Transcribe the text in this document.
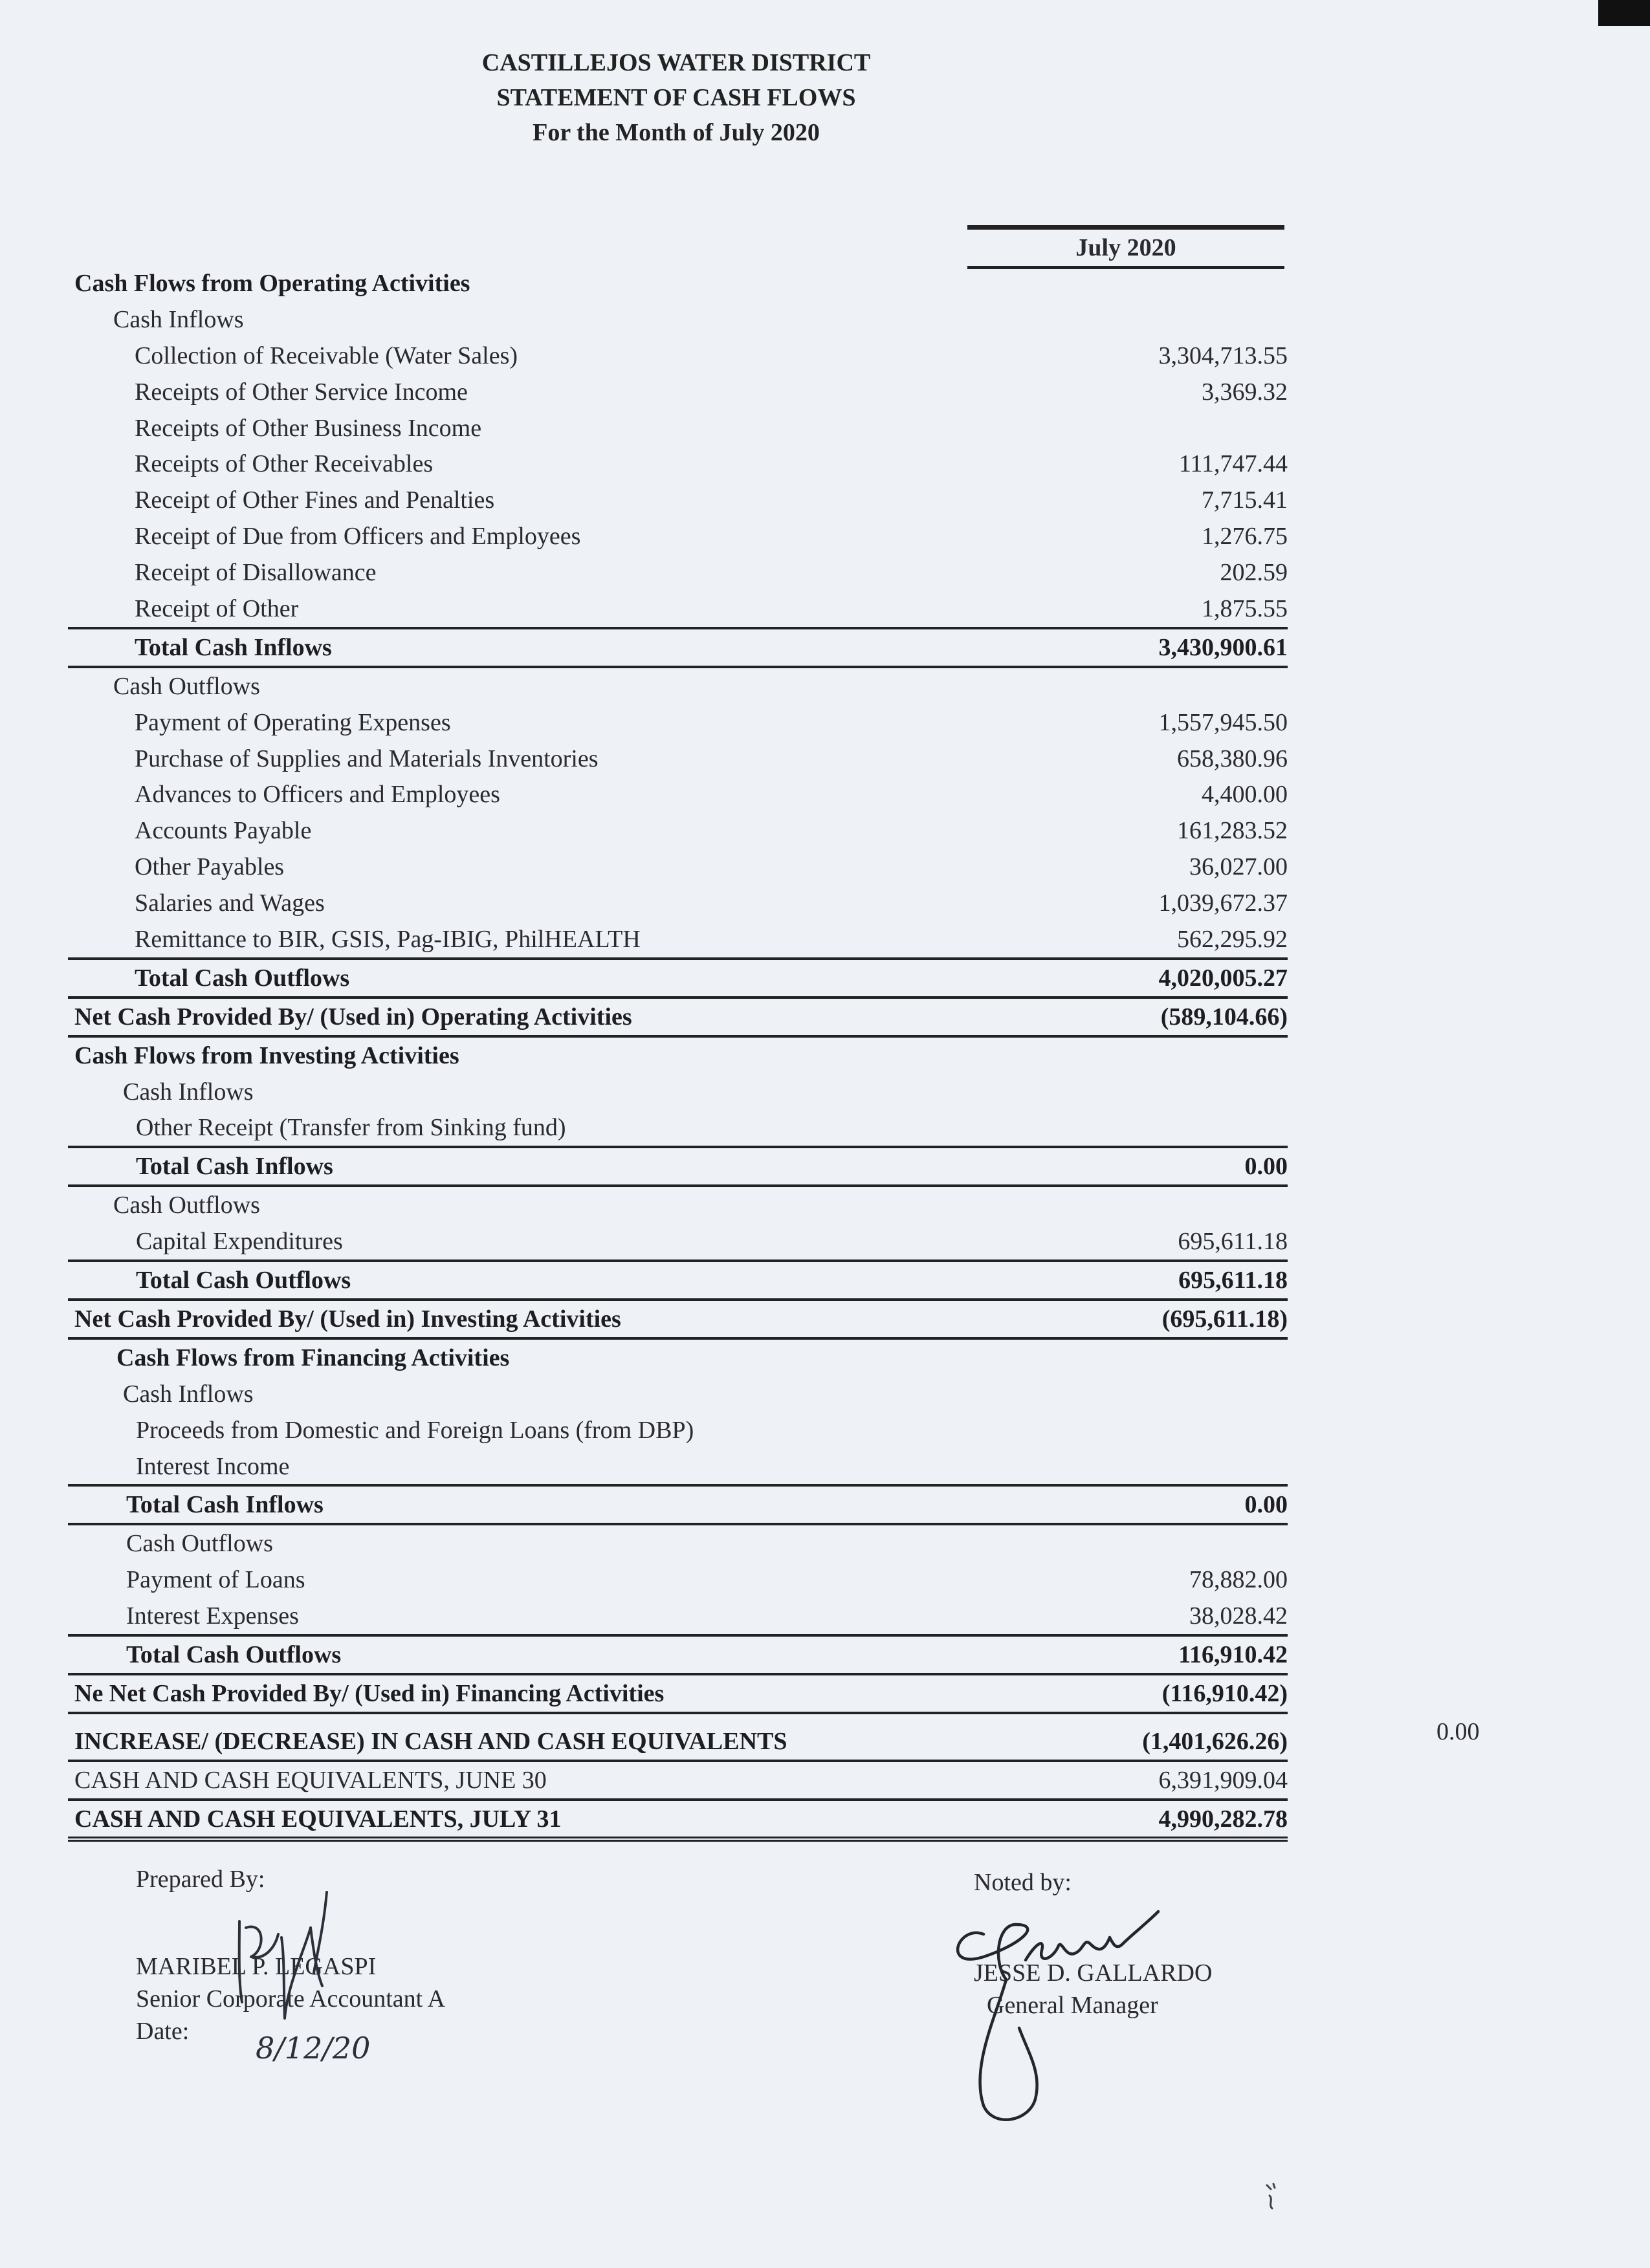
CASTILLEJOS WATER DISTRICT
STATEMENT OF CASH FLOWS
For the Month of July 2020
July 2020
Cash Flows from Operating Activities
Cash Inflows
Collection of Receivable (Water Sales)	3,304,713.55
Receipts of Other Service Income	3,369.32
Receipts of Other Business Income
Receipts of Other Receivables	111,747.44
Receipt of Other Fines and Penalties	7,715.41
Receipt of Due from Officers and Employees	1,276.75
Receipt of Disallowance	202.59
Receipt of Other	1,875.55
Total Cash Inflows	3,430,900.61
Cash Outflows
Payment of Operating Expenses	1,557,945.50
Purchase of Supplies and Materials Inventories	658,380.96
Advances to Officers and Employees	4,400.00
Accounts Payable	161,283.52
Other Payables	36,027.00
Salaries and Wages	1,039,672.37
Remittance to BIR, GSIS, Pag-IBIG, PhilHEALTH	562,295.92
Total Cash Outflows	4,020,005.27
Net Cash Provided By/ (Used in) Operating Activities	(589,104.66)
Cash Flows from Investing Activities
Cash Inflows
Other Receipt (Transfer from Sinking fund)
Total Cash Inflows	0.00
Cash Outflows
Capital Expenditures	695,611.18
Total Cash Outflows	695,611.18
Net Cash Provided By/ (Used in) Investing Activities	(695,611.18)
Cash Flows from Financing Activities
Cash Inflows
Proceeds from Domestic and Foreign Loans (from DBP)
Interest Income
Total Cash Inflows	0.00
Cash Outflows
Payment of Loans	78,882.00
Interest Expenses	38,028.42
Total Cash Outflows	116,910.42
Ne Net Cash Provided By/ (Used in) Financing Activities	(116,910.42)
INCREASE/ (DECREASE) IN CASH AND CASH EQUIVALENTS	(1,401,626.26)
CASH AND CASH EQUIVALENTS, JUNE 30	6,391,909.04
CASH AND CASH EQUIVALENTS, JULY 31	4,990,282.78
0.00
Prepared By:
MARIBEL P. LEGASPI
Senior Corporate Accountant A
Date:	8/12/20
Noted by:
JESSE D. GALLARDO
General Manager
